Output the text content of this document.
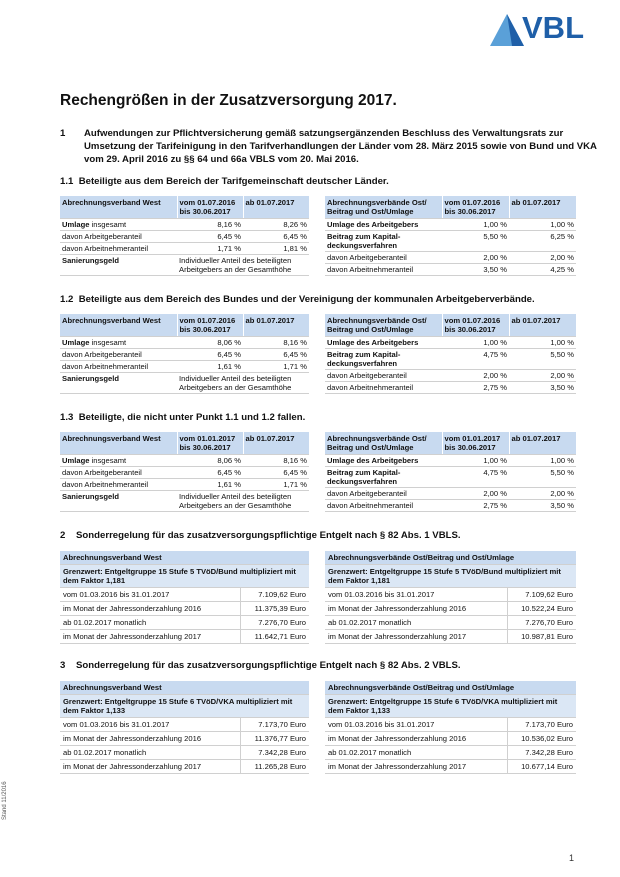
VBL
Rechengrößen in der Zusatzversorgung 2017.
1	Aufwendungen zur Pflichtversicherung gemäß satzungsergänzenden Beschluss des Verwaltungsrats zur Umsetzung der Tarifeinigung in den Tarifverhandlungen der Länder vom 28. März 2015 sowie von Bund und VKA vom 29. April 2016 zu §§ 64 und 66a VBLS vom 20. Mai 2016.
1.1 Beteiligte aus dem Bereich der Tarifgemeinschaft deutscher Länder.
Abrechnungsverband West	vom 01.07.2016 bis 30.06.2017	ab 01.07.2017
Umlage insgesamt	8,16 %	8,26 %
davon Arbeitgeberanteil	6,45 %	6,45 %
davon Arbeitnehmeranteil	1,71 %	1,81 %
Sanierungsgeld	Individueller Anteil des beteiligten Arbeitgebers an der Gesamthöhe	
Abrechnungsverbände Ost/ Beitrag und Ost/Umlage	vom 01.07.2016 bis 30.06.2017	ab 01.07.2017
Umlage des Arbeitgebers	1,00 %	1,00 %
Beitrag zum Kapital-deckungsverfahren	5,50 %	6,25 %
davon Arbeitgeberanteil	2,00 %	2,00 %
davon Arbeitnehmeranteil	3,50 %	4,25 %
1.2 Beteiligte aus dem Bereich des Bundes und der Vereinigung der kommunalen Arbeitgeberverbände.
Abrechnungsverband West	vom 01.07.2016 bis 30.06.2017	ab 01.07.2017
Umlage insgesamt	8,06 %	8,16 %
davon Arbeitgeberanteil	6,45 %	6,45 %
davon Arbeitnehmeranteil	1,61 %	1,71 %
Sanierungsgeld	Individueller Anteil des beteiligten Arbeitgebers an der Gesamthöhe	
Abrechnungsverbände Ost/ Beitrag und Ost/Umlage	vom 01.07.2016 bis 30.06.2017	ab 01.07.2017
Umlage des Arbeitgebers	1,00 %	1,00 %
Beitrag zum Kapital-deckungsverfahren	4,75 %	5,50 %
davon Arbeitgeberanteil	2,00 %	2,00 %
davon Arbeitnehmeranteil	2,75 %	3,50 %
1.3 Beteiligte, die nicht unter Punkt 1.1 und 1.2 fallen.
Abrechnungsverband West	vom 01.01.2017 bis 30.06.2017	ab 01.07.2017
Umlage insgesamt	8,06 %	8,16 %
davon Arbeitgeberanteil	6,45 %	6,45 %
davon Arbeitnehmeranteil	1,61 %	1,71 %
Sanierungsgeld	Individueller Anteil des beteiligten Arbeitgebers an der Gesamthöhe	
Abrechnungsverbände Ost/ Beitrag und Ost/Umlage	vom 01.01.2017 bis 30.06.2017	ab 01.07.2017
Umlage des Arbeitgebers	1,00 %	1,00 %
Beitrag zum Kapital-deckungsverfahren	4,75 %	5,50 %
davon Arbeitgeberanteil	2,00 %	2,00 %
davon Arbeitnehmeranteil	2,75 %	3,50 %
2 Sonderregelung für das zusatzversorgungspflichtige Entgelt nach § 82 Abs. 1 VBLS.
Abrechnungsverband West	
Grenzwert: Entgeltgruppe 15 Stufe 5 TVöD/Bund multipliziert mit dem Faktor 1,181	
vom 01.03.2016 bis 31.01.2017	7.109,62 Euro
im Monat der Jahressonderzahlung 2016	11.375,39 Euro
ab 01.02.2017 monatlich	7.276,70 Euro
im Monat der Jahressonderzahlung 2017	11.642,71 Euro
Abrechnungsverbände Ost/Beitrag und Ost/Umlage	
Grenzwert: Entgeltgruppe 15 Stufe 5 TVöD/Bund multipliziert mit dem Faktor 1,181	
vom 01.03.2016 bis 31.01.2017	7.109,62 Euro
im Monat der Jahressonderzahlung 2016	10.522,24 Euro
ab 01.02.2017 monatlich	7.276,70 Euro
im Monat der Jahressonderzahlung 2017	10.987,81 Euro
3 Sonderregelung für das zusatzversorgungspflichtige Entgelt nach § 82 Abs. 2 VBLS.
Abrechnungsverband West	
Grenzwert: Entgeltgruppe 15 Stufe 6 TVöD/VKA multipliziert mit dem Faktor 1,133	
vom 01.03.2016 bis 31.01.2017	7.173,70 Euro
im Monat der Jahressonderzahlung 2016	11.376,77 Euro
ab 01.02.2017 monatlich	7.342,28 Euro
im Monat der Jahressonderzahlung 2017	11.265,28 Euro
Abrechnungsverbände Ost/Beitrag und Ost/Umlage	
Grenzwert: Entgeltgruppe 15 Stufe 6 TVöD/VKA multipliziert mit dem Faktor 1,133	
vom 01.03.2016 bis 31.01.2017	7.173,70 Euro
im Monat der Jahressonderzahlung 2016	10.536,02 Euro
ab 01.02.2017 monatlich	7.342,28 Euro
im Monat der Jahressonderzahlung 2017	10.677,14 Euro
Stand 11/2016
1
